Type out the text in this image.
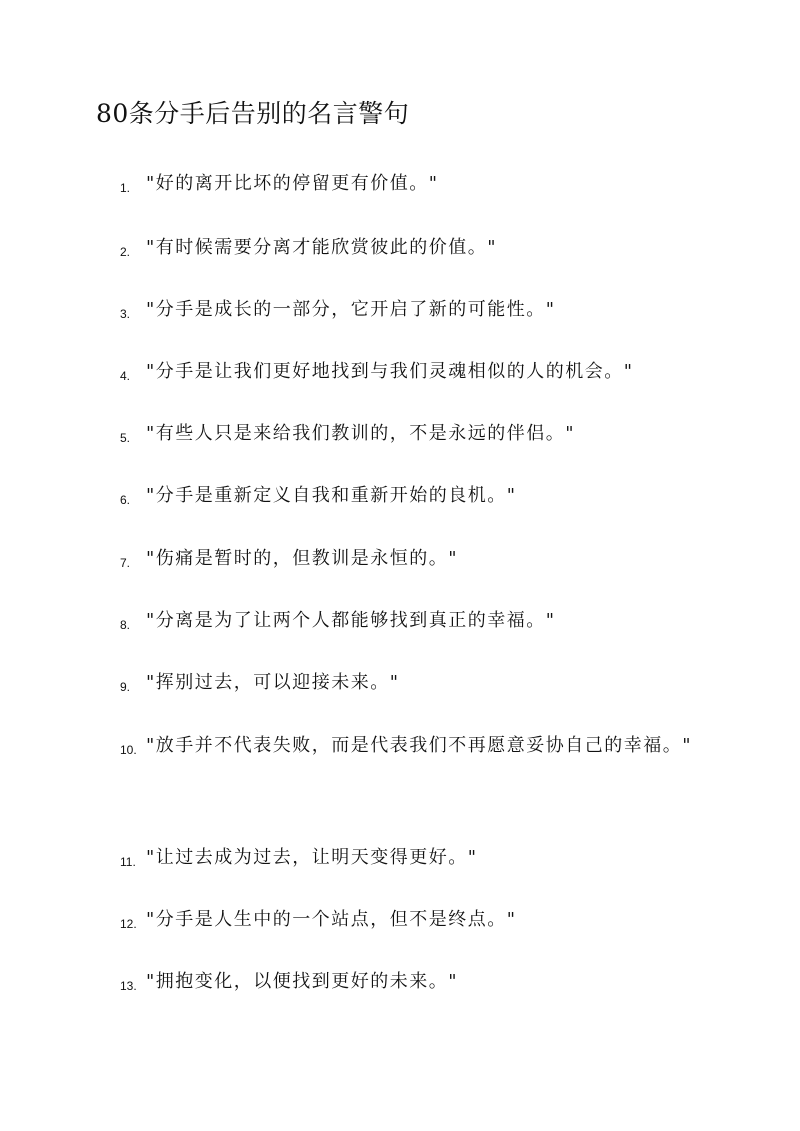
80条分手后告别的名言警句
1. "好的离开比坏的停留更有价值。"
2. "有时候需要分离才能欣赏彼此的价值。"
3. "分手是成长的一部分，它开启了新的可能性。"
4. "分手是让我们更好地找到与我们灵魂相似的人的机会。"
5. "有些人只是来给我们教训的，不是永远的伴侣。"
6. "分手是重新定义自我和重新开始的良机。"
7. "伤痛是暂时的，但教训是永恒的。"
8. "分离是为了让两个人都能够找到真正的幸福。"
9. "挥别过去，可以迎接未来。"
10. "放手并不代表失败，而是代表我们不再愿意妥协自己的幸福。"
11. "让过去成为过去，让明天变得更好。"
12. "分手是人生中的一个站点，但不是终点。"
13. "拥抱变化，以便找到更好的未来。"
